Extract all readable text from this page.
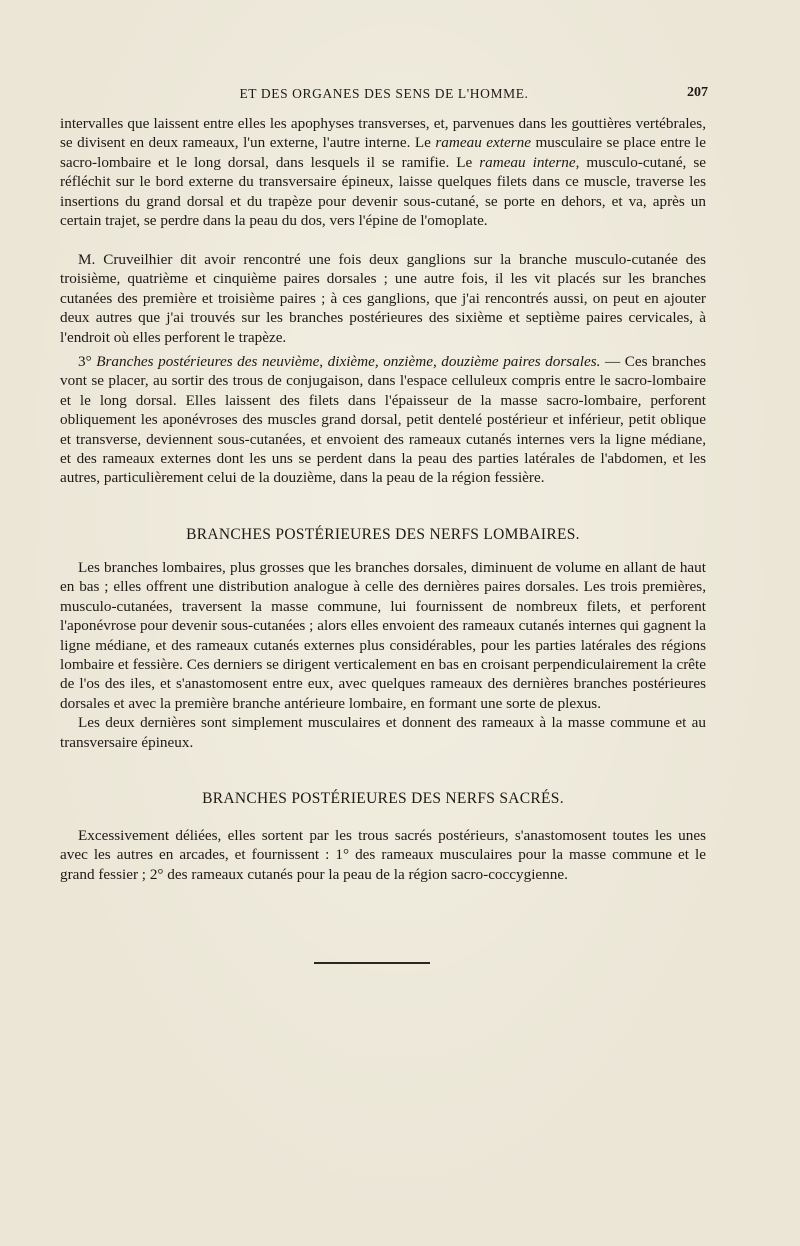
ET DES ORGANES DES SENS DE L'HOMME.	207

intervalles que laissent entre elles les apophyses transverses, et, parvenues dans les gouttières vertébrales, se divisent en deux rameaux, l'un externe, l'autre interne. Le rameau externe musculaire se place entre le sacro-lombaire et le long dorsal, dans lesquels il se ramifie. Le rameau interne, musculo-cutané, se réfléchit sur le bord externe du transversaire épineux, laisse quelques filets dans ce muscle, traverse les insertions du grand dorsal et du trapèze pour devenir sous-cutané, se porte en dehors, et va, après un certain trajet, se perdre dans la peau du dos, vers l'épine de l'omoplate.

M. Cruveilhier dit avoir rencontré une fois deux ganglions sur la branche musculo-cutanée des troisième, quatrième et cinquième paires dorsales ; une autre fois, il les vit placés sur les branches cutanées des première et troisième paires ; à ces ganglions, que j'ai rencontrés aussi, on peut en ajouter deux autres que j'ai trouvés sur les branches postérieures des sixième et septième paires cervicales, à l'endroit où elles perforent le trapèze.

3° Branches postérieures des neuvième, dixième, onzième, douzième paires dorsales. — Ces branches vont se placer, au sortir des trous de conjugaison, dans l'espace celluleux compris entre le sacro-lombaire et le long dorsal. Elles laissent des filets dans l'épaisseur de la masse sacro-lombaire, perforent obliquement les aponévroses des muscles grand dorsal, petit dentelé postérieur et inférieur, petit oblique et transverse, deviennent sous-cutanées, et envoient des rameaux cutanés internes vers la ligne médiane, et des rameaux externes dont les uns se perdent dans la peau des parties latérales de l'abdomen, et les autres, particulièrement celui de la douzième, dans la peau de la région fessière.

BRANCHES POSTÉRIEURES DES NERFS LOMBAIRES.

Les branches lombaires, plus grosses que les branches dorsales, diminuent de volume en allant de haut en bas ; elles offrent une distribution analogue à celle des dernières paires dorsales. Les trois premières, musculo-cutanées, traversent la masse commune, lui fournissent de nombreux filets, et perforent l'aponévrose pour devenir sous-cutanées ; alors elles envoient des rameaux cutanés internes qui gagnent la ligne médiane, et des rameaux cutanés externes plus considérables, pour les parties latérales des régions lombaire et fessière. Ces derniers se dirigent verticalement en bas en croisant perpendiculairement la crête de l'os des iles, et s'anastomosent entre eux, avec quelques rameaux des dernières branches postérieures dorsales et avec la première branche antérieure lombaire, en formant une sorte de plexus.

Les deux dernières sont simplement musculaires et donnent des rameaux à la masse commune et au transversaire épineux.

BRANCHES POSTÉRIEURES DES NERFS SACRÉS.

Excessivement déliées, elles sortent par les trous sacrés postérieurs, s'anastomosent toutes les unes avec les autres en arcades, et fournissent : 1° des rameaux musculaires pour la masse commune et le grand fessier ; 2° des rameaux cutanés pour la peau de la région sacro-coccygienne.
